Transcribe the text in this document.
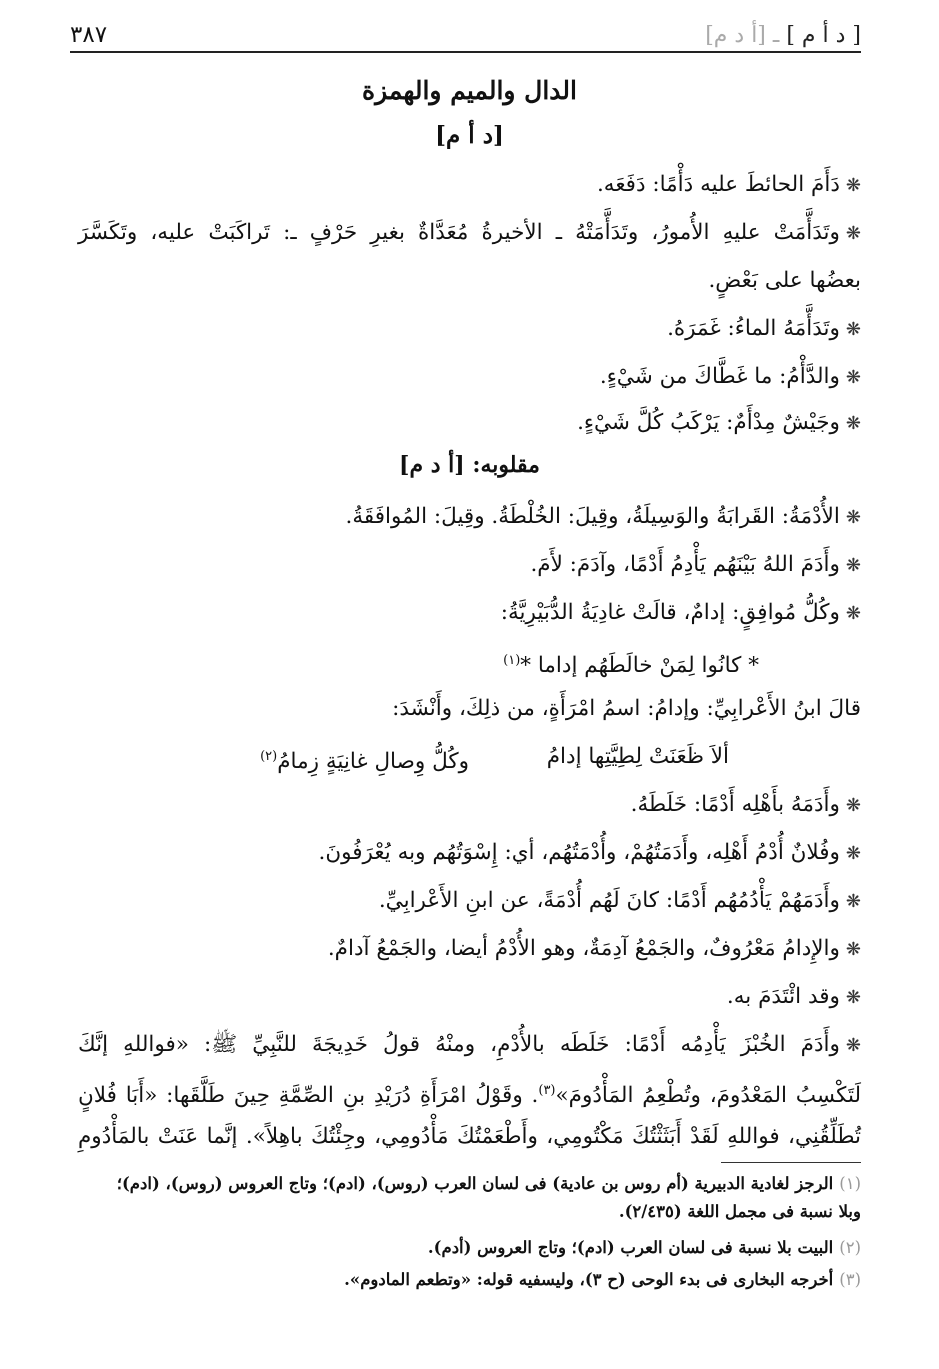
[ د أ م ] ـ [أ د م]
٣٨٧
الدال والميم والهمزة
[د أ م]
❋دَأَمَ الحائطَ عليه دَأْمًا: دَفَعَه.
❋وتَدَأَّمَتْ عليهِ الأُمورُ، وتَدَأَّمَتْهُ ـ الأخيرةُ مُعَدَّاةٌ بغيرِ حَرْفٍ ـ: تَراكَبَتْ عليه، وتَكَسَّرَ
بعضُها على بَعْضٍ.
❋وتَدَأَّمَهُ الماءُ: غَمَرَهُ.
❋والدَّأْمُ: ما غَطَّاكَ من شَيْءٍ.
❋وجَيْشٌ مِدْأَمٌ: يَرْكَبُ كُلَّ شَيْءٍ.
مقلوبه: [أ د م]
❋الأُدْمَةُ: القَرابَةُ والوَسِيلَةُ، وقِيلَ: الخُلْطَةُ. وقِيلَ: المُوافَقَةُ.
❋وأَدَمَ اللهُ بَيْنَهُم يَأْدِمُ أَدْمًا، وآدَمَ: لأَمَ.
❋وكُلُّ مُوافِقٍ: إدامٌ، قالَتْ غادِيَةُ الدُّبَيْرِيَّةُ:
* كانُوا لِمَنْ خالَطَهُم إداما *$^{(١)}$
قالَ ابنُ الأَعْرابِيِّ: وإدامُ: اسمُ امْرَأَةٍ، من ذلِكَ، وأَنْشَدَ:
ألاَ ظَعَنَتْ لِطِيَّتِها إدامُ
وكُلُّ وِصالِ غانِيَةٍ زِمامُ$^{(٢)}$
❋وأَدَمَهُ بأَهْلِه أَدْمًا: خَلَطَهُ.
❋وفُلانٌ أُدْمُ أَهْلِه، وأَدَمَتُهُمْ، وأُدْمَتُهُم، أي: إِسْوَتُهُم وبه يُعْرَفُونَ.
❋وأَدَمَهُمْ يَأْدُمُهُم أَدْمًا: كانَ لَهُم أُدْمَةً، عن ابنِ الأَعْرابِيِّ.
❋والإِدامُ مَعْرُوفٌ، والجَمْعُ آدِمَةٌ، وهو الأُدْمُ أيضا، والجَمْعُ آدامٌ.
❋وقد ائْتَدَمَ به.
❋وأَدَمَ الخُبْزَ يَأْدِمُه أَدْمًا: خَلَطَه بالأُدْمِ، ومنْهُ قولُ خَدِيجَةَ للنَّبِيِّ ﷺ: «فواللهِ إنَّكَ
لَتَكْسِبُ المَعْدُومَ، وتُطْعِمُ المَأْدُومَ»$^{(٣)}$. وقَوْلُ امْرَأَةِ دُرَيْدِ بنِ الصِّمَّةِ حِينَ طَلَّقَها: «أَبَا فُلانٍ
تُطَلِّقُنِي، فواللهِ لَقَدْ أَبَثَثْتُكَ مَكْتُومِي، وأَطْعَمْتُكَ مَأْدُومِي، وجِئْتُكَ باهِلاً». إنَّما عَنَتْ بالمَأْدُومِ
(١)الرجز لغادية الدبيرية (أم روس بن عادية) فى لسان العرب (روس)، (ادم)؛ وتاج العروس (روس)، (ادم)؛
وبلا نسبة فى مجمل اللغة (٢/٤٣٥).
(٢)البيت بلا نسبة فى لسان العرب (ادم)؛ وتاج العروس (أدم).
(٣)أخرجه البخارى فى بدء الوحى (ح ٣)، وليسفيه قوله: «وتطعم المادوم».
